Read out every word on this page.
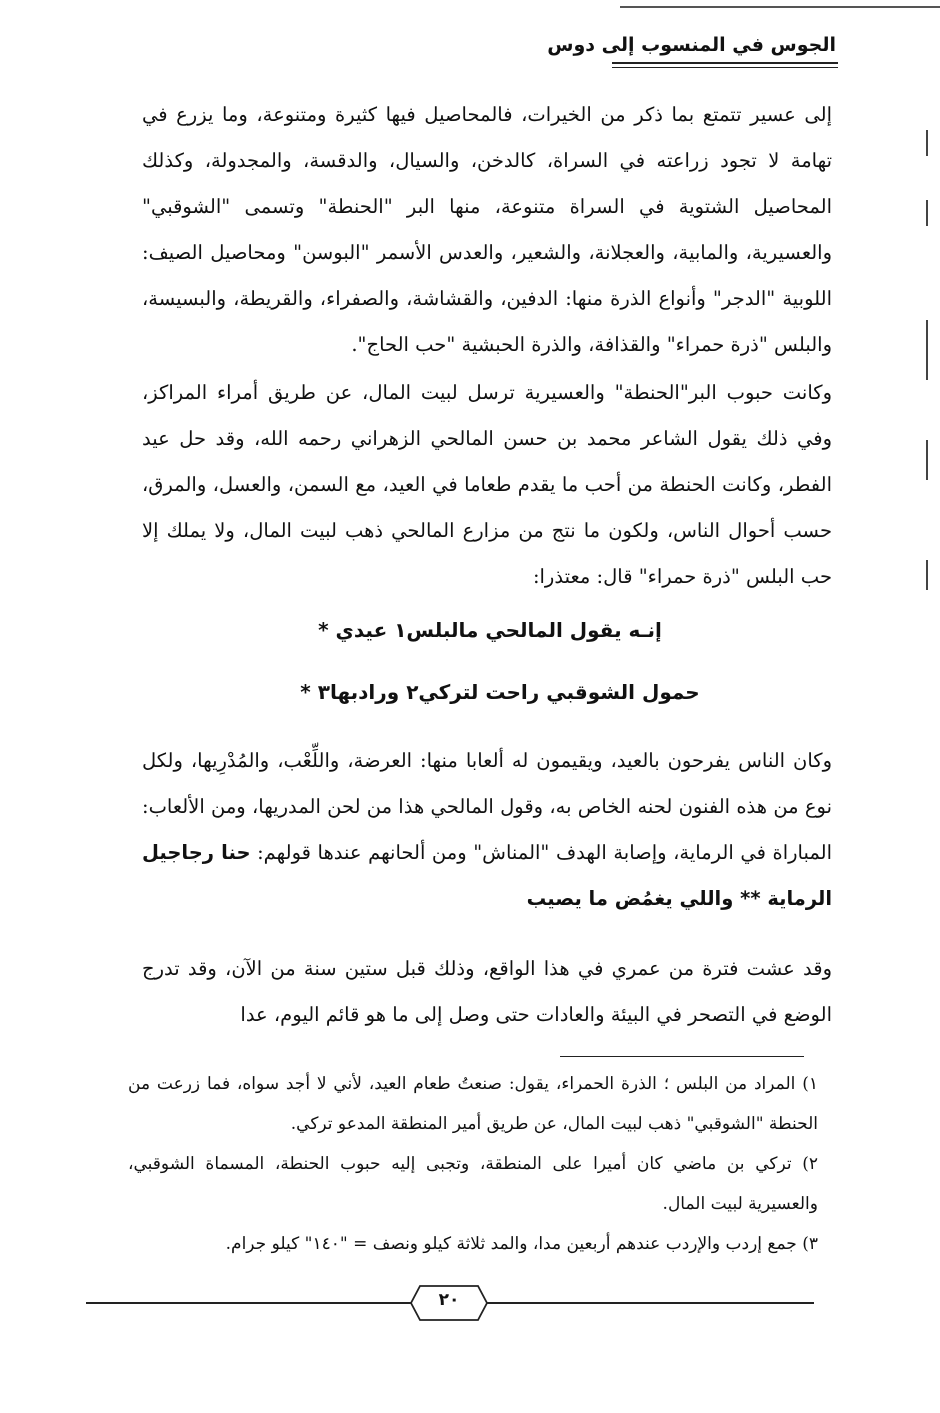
الجوس في المنسوب إلى دوس

إلى عسير تتمتع بما ذكر من الخيرات، فالمحاصيل فيها كثيرة ومتنوعة، وما يزرع في تهامة لا تجود زراعته في السراة، كالدخن، والسيال، والدقسة، والمجدولة، وكذلك المحاصيل الشتوية في السراة متنوعة، منها البر "الحنطة" وتسمى "الشوقبي" والعسيرية، والمابية، والعجلانة، والشعير، والعدس الأسمر "البوسن" ومحاصيل الصيف: اللوبية "الدجر" وأنواع الذرة منها: الدفين، والقشاشة، والصفراء، والقريطة، والبسيسة، والبلس "ذرة حمراء" والقذافة، والذرة الحبشية "حب الحاج".

وكانت حبوب البر"الحنطة" والعسيرية ترسل لبيت المال، عن طريق أمراء المراكز، وفي ذلك يقول الشاعر محمد بن حسن المالحي الزهراني رحمه الله، وقد حل عيد الفطر، وكانت الحنطة من أحب ما يقدم طعاما في العيد، مع السمن، والعسل، والمرق، حسب أحوال الناس، ولكون ما نتج من مزارع المالحي ذهب لبيت المال، ولا يملك إلا حب البلس "ذرة حمراء" قال: معتذرا:

إنـه يقول المالحي مالبلس١ عيدي *
حمول الشوقبي راحت لتركي٢ ورادبها٣ *

وكان الناس يفرحون بالعيد، ويقيمون له ألعابا منها: العرضة، واللِّعْب، والمُدْرِيها، ولكل نوع من هذه الفنون لحنه الخاص به، وقول المالحي هذا من لحن المدريها، ومن الألعاب: المباراة في الرماية، وإصابة الهدف "المناش" ومن ألحانهم عندها قولهم: حنا رجاجيل الرماية ** واللي يغمُض ما يصيب

وقد عشت فترة من عمري في هذا الواقع، وذلك قبل ستين سنة من الآن، وقد تدرج الوضع في التصحر في البيئة والعادات حتى وصل إلى ما هو قائم اليوم، عدا

١) المراد من البلس ؛ الذرة الحمراء، يقول: صنعتُ طعام العيد، لأني لا أجد سواه، فما زرعت من الحنطة "الشوقبي" ذهب لبيت المال، عن طريق أمير المنطقة المدعو تركي.
٢) تركي بن ماضي كان أميرا على المنطقة، وتجبى إليه حبوب الحنطة، المسماة الشوقبي، والعسيرية لبيت المال.
٣) جمع إردب والإردب عندهم أربعين مدا، والمد ثلاثة كيلو ونصف = "١٤٠" كيلو جرام.
٢٠
